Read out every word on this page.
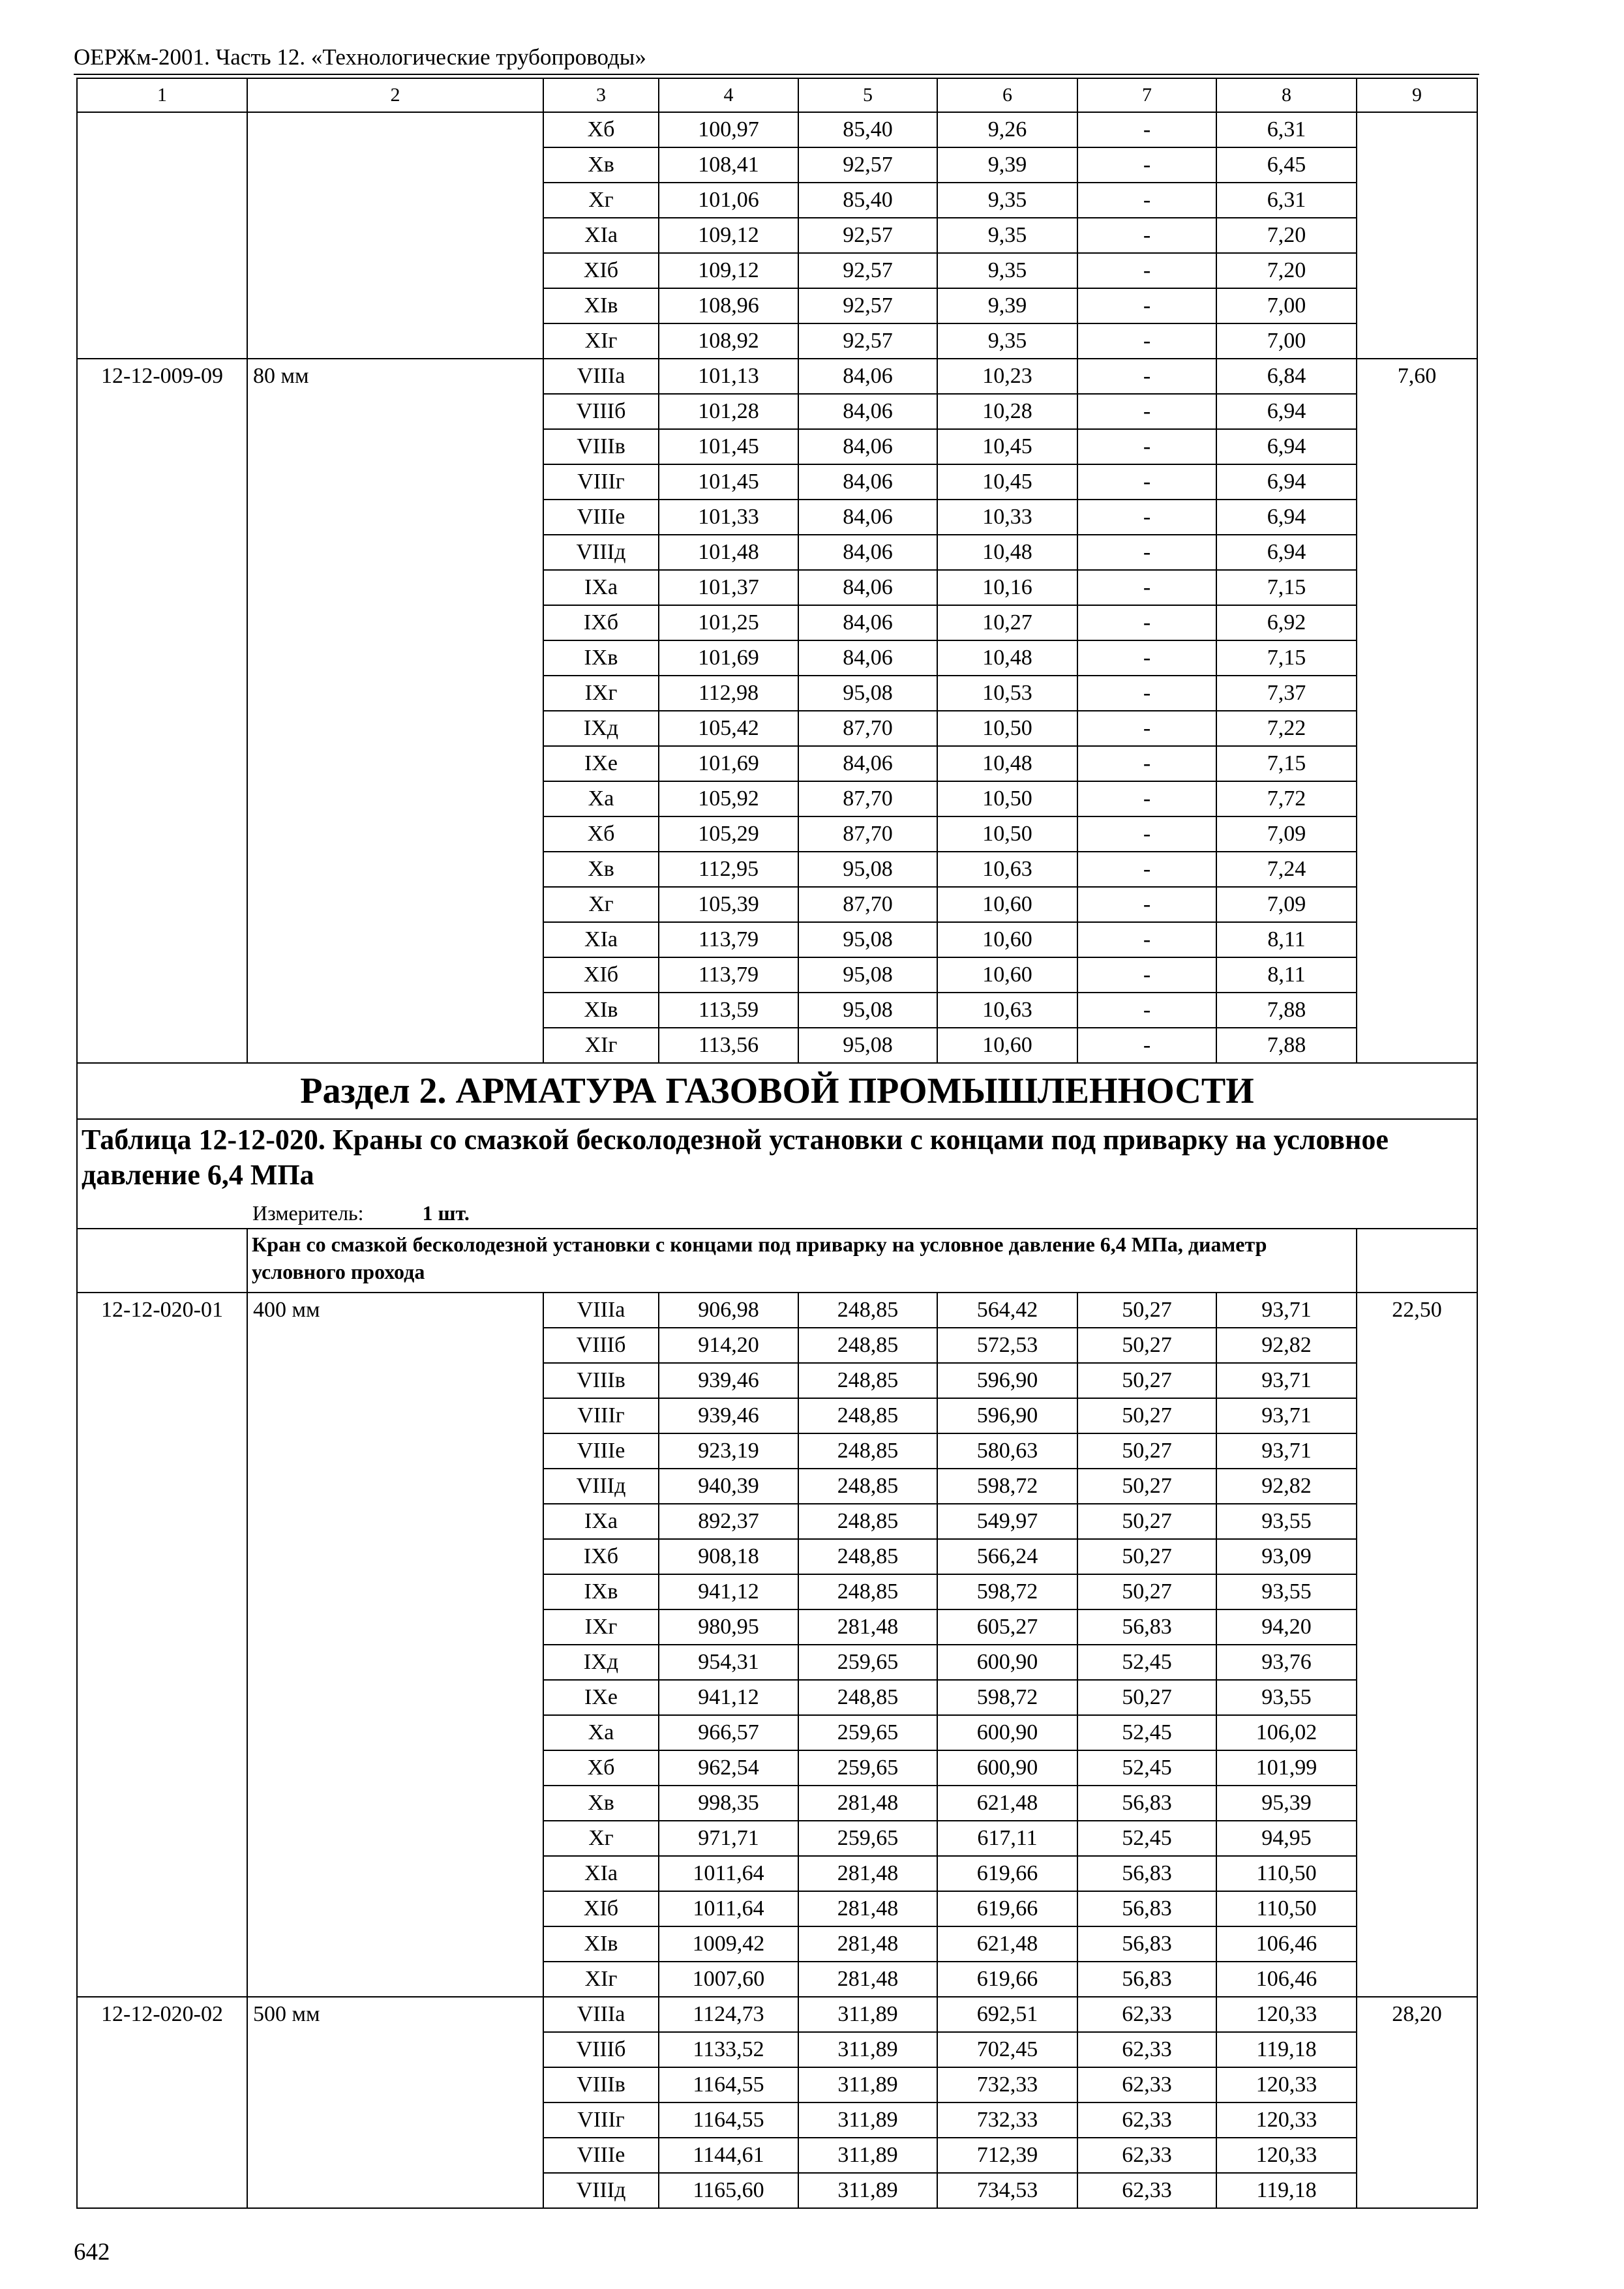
ОЕРЖм-2001. Часть 12. «Технологические трубопроводы»
1	2	3	4	5	6	7	8	9
		Xб	100,97	85,40	9,26	-	6,31	
		Xв	108,41	92,57	9,39	-	6,45	
		Xг	101,06	85,40	9,35	-	6,31	
		XIа	109,12	92,57	9,35	-	7,20	
		XIб	109,12	92,57	9,35	-	7,20	
		XIв	108,96	92,57	9,39	-	7,00	
		XIг	108,92	92,57	9,35	-	7,00	
12-12-009-09	80 мм	VIIIа	101,13	84,06	10,23	-	6,84	7,60
		VIIIб	101,28	84,06	10,28	-	6,94	
		VIIIв	101,45	84,06	10,45	-	6,94	
		VIIIг	101,45	84,06	10,45	-	6,94	
		VIIIе	101,33	84,06	10,33	-	6,94	
		VIIIд	101,48	84,06	10,48	-	6,94	
		IXа	101,37	84,06	10,16	-	7,15	
		IXб	101,25	84,06	10,27	-	6,92	
		IXв	101,69	84,06	10,48	-	7,15	
		IXг	112,98	95,08	10,53	-	7,37	
		IXд	105,42	87,70	10,50	-	7,22	
		IXе	101,69	84,06	10,48	-	7,15	
		Xа	105,92	87,70	10,50	-	7,72	
		Xб	105,29	87,70	10,50	-	7,09	
		Xв	112,95	95,08	10,63	-	7,24	
		Xг	105,39	87,70	10,60	-	7,09	
		XIа	113,79	95,08	10,60	-	8,11	
		XIб	113,79	95,08	10,60	-	8,11	
		XIв	113,59	95,08	10,63	-	7,88	
		XIг	113,56	95,08	10,60	-	7,88	
Раздел 2. АРМАТУРА ГАЗОВОЙ ПРОМЫШЛЕННОСТИ								
Таблица 12-12-020. Краны со смазкой бесколодезной установки с концами под приварку на условное давление 6,4 МПа								
Измеритель: 1 шт.								
	Кран со смазкой бесколодезной установки с концами под приварку на условное давление 6,4 МПа, диаметр условного прохода							
12-12-020-01	400 мм	VIIIа	906,98	248,85	564,42	50,27	93,71	22,50
		VIIIб	914,20	248,85	572,53	50,27	92,82	
		VIIIв	939,46	248,85	596,90	50,27	93,71	
		VIIIг	939,46	248,85	596,90	50,27	93,71	
		VIIIе	923,19	248,85	580,63	50,27	93,71	
		VIIIд	940,39	248,85	598,72	50,27	92,82	
		IXа	892,37	248,85	549,97	50,27	93,55	
		IXб	908,18	248,85	566,24	50,27	93,09	
		IXв	941,12	248,85	598,72	50,27	93,55	
		IXг	980,95	281,48	605,27	56,83	94,20	
		IXд	954,31	259,65	600,90	52,45	93,76	
		IXе	941,12	248,85	598,72	50,27	93,55	
		Xа	966,57	259,65	600,90	52,45	106,02	
		Xб	962,54	259,65	600,90	52,45	101,99	
		Xв	998,35	281,48	621,48	56,83	95,39	
		Xг	971,71	259,65	617,11	52,45	94,95	
		XIа	1011,64	281,48	619,66	56,83	110,50	
		XIб	1011,64	281,48	619,66	56,83	110,50	
		XIв	1009,42	281,48	621,48	56,83	106,46	
		XIг	1007,60	281,48	619,66	56,83	106,46	
12-12-020-02	500 мм	VIIIа	1124,73	311,89	692,51	62,33	120,33	28,20
		VIIIб	1133,52	311,89	702,45	62,33	119,18	
		VIIIв	1164,55	311,89	732,33	62,33	120,33	
		VIIIг	1164,55	311,89	732,33	62,33	120,33	
		VIIIе	1144,61	311,89	712,39	62,33	120,33	
		VIIIд	1165,60	311,89	734,53	62,33	119,18	
642
